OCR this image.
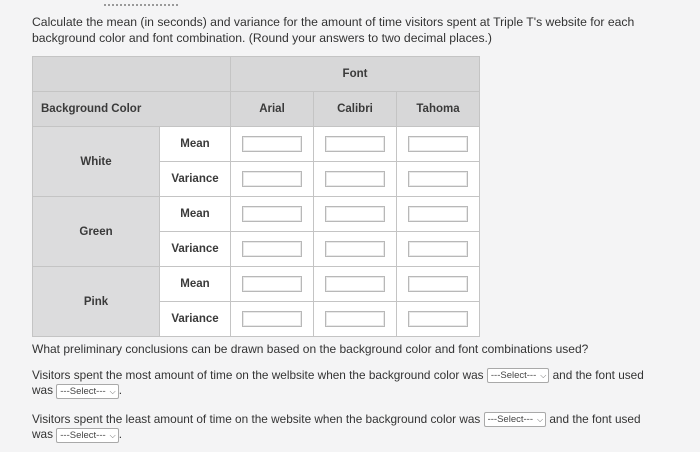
Calculate the mean (in seconds) and variance for the amount of time visitors spent at Triple T's website for each background color and font combination. (Round your answers to two decimal places.)
		Font		
Background Color		Arial	Calibri	Tahoma
White	Mean			
	Variance			
Green	Mean			
	Variance			
Pink	Mean			
	Variance			
What preliminary conclusions can be drawn based on the background color and font combinations used?
Visitors spent the most amount of time on the welbsite when the background color was ---Select--- ⌵ and the font used
was ---Select--- ⌵ .
Visitors spent the least amount of time on the website when the background color was ---Select--- ⌵ and the font used
was ---Select--- ⌵ .
